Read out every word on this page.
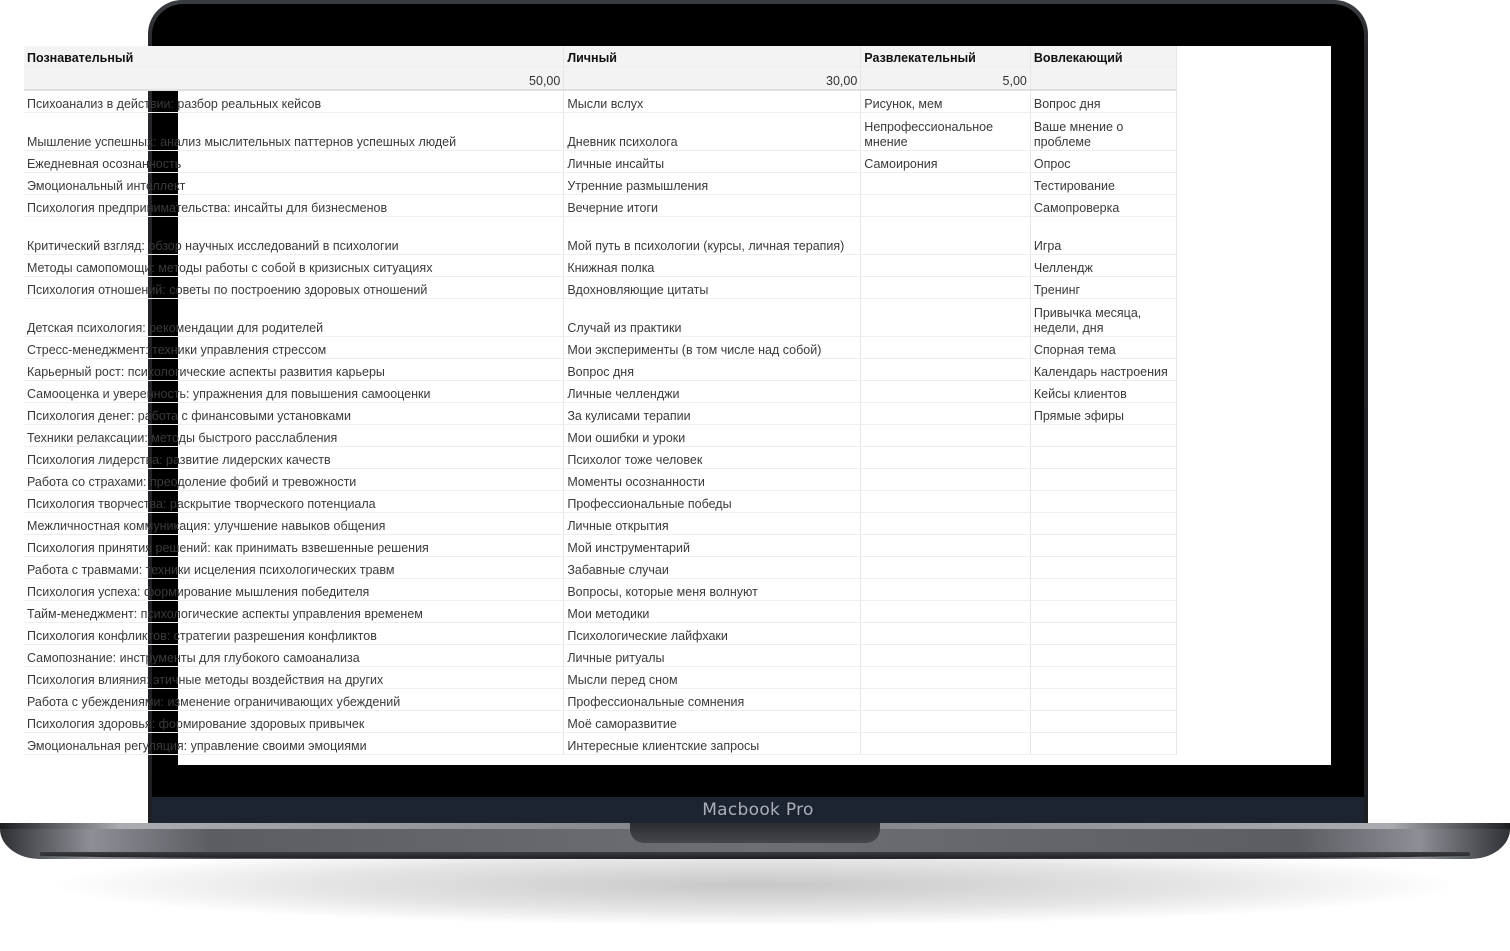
Познавательный	Личный	Развлекательный	Вовлекающий
50,00	30,00	5,00	
Психоанализ в действии: разбор реальных кейсов	Мысли вслух	Рисунок, мем	Вопрос дня
Мышление успешных: анализ мыслительных паттернов успешных людей	Дневник психолога	Непрофессиональное мнение	Ваше мнение о проблеме
Ежедневная осознанность	Личные инсайты	Самоирония	Опрос
Эмоциональный интеллект	Утренние размышления		Тестирование
Психология предпринимательства: инсайты для бизнесменов	Вечерние итоги		Самопроверка
Критический взгляд: обзор научных исследований в психологии	Мой путь в психологии (курсы, личная терапия)		Игра
Методы самопомощи: методы работы с собой в кризисных ситуациях	Книжная полка		Челлендж
Психология отношений: советы по построению здоровых отношений	Вдохновляющие цитаты		Тренинг
Детская психология: рекомендации для родителей	Случай из практики		Привычка месяца, недели, дня
Стресс-менеджмент: техники управления стрессом	Мои эксперименты (в том числе над собой)		Спорная тема
Карьерный рост: психологические аспекты развития карьеры	Вопрос дня		Календарь настроения
Самооценка и уверенность: упражнения для повышения самооценки	Личные челленджи		Кейсы клиентов
Психология денег: работа с финансовыми установками	За кулисами терапии		Прямые эфиры
Техники релаксации: методы быстрого расслабления	Мои ошибки и уроки		
Психология лидерства: развитие лидерских качеств	Психолог тоже человек		
Работа со страхами: преодоление фобий и тревожности	Моменты осознанности		
Психология творчества: раскрытие творческого потенциала	Профессиональные победы		
Межличностная коммуникация: улучшение навыков общения	Личные открытия		
Психология принятия решений: как принимать взвешенные решения	Мой инструментарий		
Работа с травмами: техники исцеления психологических травм	Забавные случаи		
Психология успеха: формирование мышления победителя	Вопросы, которые меня волнуют		
Тайм-менеджмент: психологические аспекты управления временем	Мои методики		
Психология конфликтов: стратегии разрешения конфликтов	Психологические лайфхаки		
Самопознание: инструменты для глубокого самоанализа	Личные ритуалы		
Психология влияния: этичные методы воздействия на других	Мысли перед сном		
Работа с убеждениями: изменение ограничивающих убеждений	Профессиональные сомнения		
Психология здоровья: формирование здоровых привычек	Моё саморазвитие		
Эмоциональная регуляция: управление своими эмоциями	Интересные клиентские запросы		
Macbook Pro
